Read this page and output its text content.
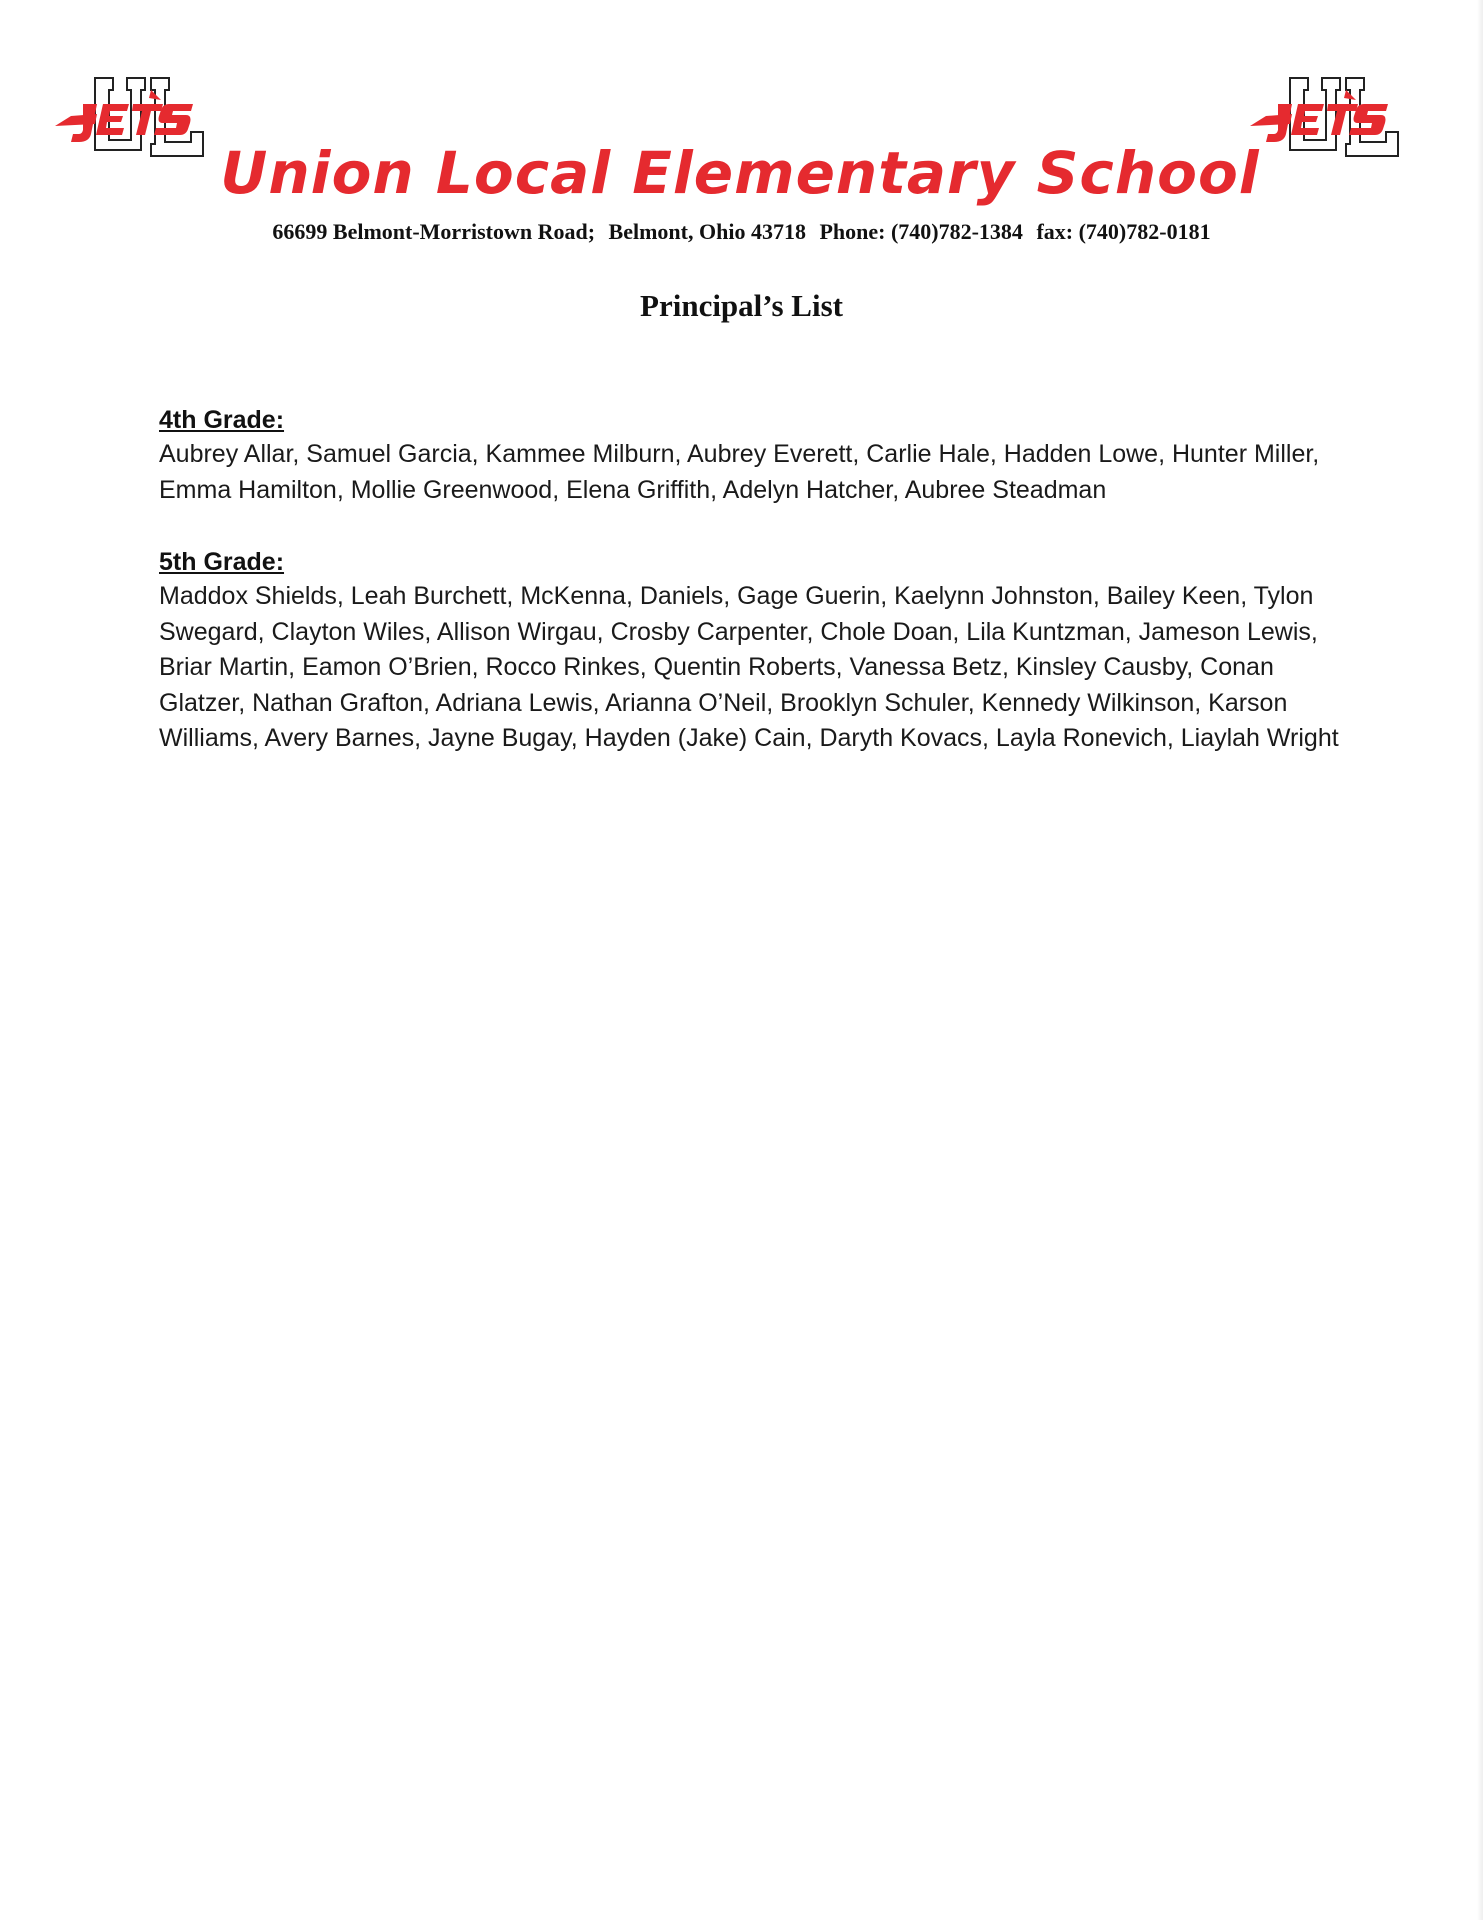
Union Local Elementary School
66699 Belmont-Morristown Road; Belmont, Ohio 43718 Phone: (740)782-1384 fax: (740)782-0181
Principal’s List
4th Grade:
Aubrey Allar, Samuel Garcia, Kammee Milburn, Aubrey Everett, Carlie Hale, Hadden Lowe, Hunter Miller, Emma Hamilton, Mollie Greenwood, Elena Griffith, Adelyn Hatcher, Aubree Steadman
5th Grade:
Maddox Shields, Leah Burchett, McKenna, Daniels, Gage Guerin, Kaelynn Johnston, Bailey Keen, Tylon Swegard, Clayton Wiles, Allison Wirgau, Crosby Carpenter, Chole Doan, Lila Kuntzman, Jameson Lewis, Briar Martin, Eamon O’Brien, Rocco Rinkes, Quentin Roberts, Vanessa Betz, Kinsley Causby, Conan Glatzer, Nathan Grafton, Adriana Lewis, Arianna O’Neil, Brooklyn Schuler, Kennedy Wilkinson, Karson Williams, Avery Barnes, Jayne Bugay, Hayden (Jake) Cain, Daryth Kovacs, Layla Ronevich, Liaylah Wright
